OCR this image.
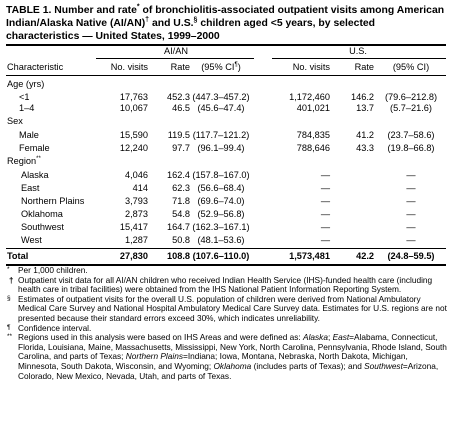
TABLE 1. Number and rate* of bronchiolitis-associated outpatient visits among American Indian/Alaska Native (AI/AN)† and U.S.§ children aged <5 years, by selected characteristics — United States, 1999–2000
AI/AN	U.S.
Characteristic	No. visits	Rate	(95% CI¶)	No. visits	Rate	(95% CI)
Age (yrs)
<1	17,763	452.3 (447.3–457.2)	1,172,460	146.2	(79.6–212.8)
1–4	10,067	46.5 (45.6–47.4)	401,021	13.7	(5.7–21.6)
Sex
Male	15,590	119.5 (117.7–121.2)	784,835	41.2	(23.7–58.6)
Female	12,240	97.7 (96.1–99.4)	788,646	43.3	(19.8–66.8)
Region**
Alaska	4,046	162.4 (157.8–167.0)	—	—
East	414	62.3 (56.6–68.4)	—	—
Northern Plains	3,793	71.8 (69.6–74.0)	—	—
Oklahoma	2,873	54.8 (52.9–56.8)	—	—
Southwest	15,417	164.7 (162.3–167.1)	—	—
West	1,287	50.8 (48.1–53.6)	—	—
Total	27,830	108.8 (107.6–110.0)	1,573,481	42.2	(24.8–59.5)
* Per 1,000 children.
† Outpatient visit data for all AI/AN children who received Indian Health Service (IHS)-funded health care (including health care in tribal facilities) were obtained from the IHS National Patient Information Reporting System.
§ Estimates of outpatient visits for the overall U.S. population of children were derived from National Ambulatory Medical Care Survey and National Hospital Ambulatory Medical Care Survey data. Estimates for U.S. regions are not presented because their standard errors exceed 30%, which indicates unreliability.
¶ Confidence interval.
** Regions used in this analysis were based on IHS Areas and were defined as: Alaska; East=Alabama, Connecticut, Florida, Louisiana, Maine, Massachusetts, Mississippi, New York, North Carolina, Pennsylvania, Rhode Island, South Carolina, and parts of Texas; Northern Plains=Indiana; Iowa, Montana, Nebraska, North Dakota, Michigan, Minnesota, South Dakota, Wisconsin, and Wyoming; Oklahoma (includes parts of Texas); and Southwest=Arizona, Colorado, New Mexico, Nevada, Utah, and parts of Texas.
